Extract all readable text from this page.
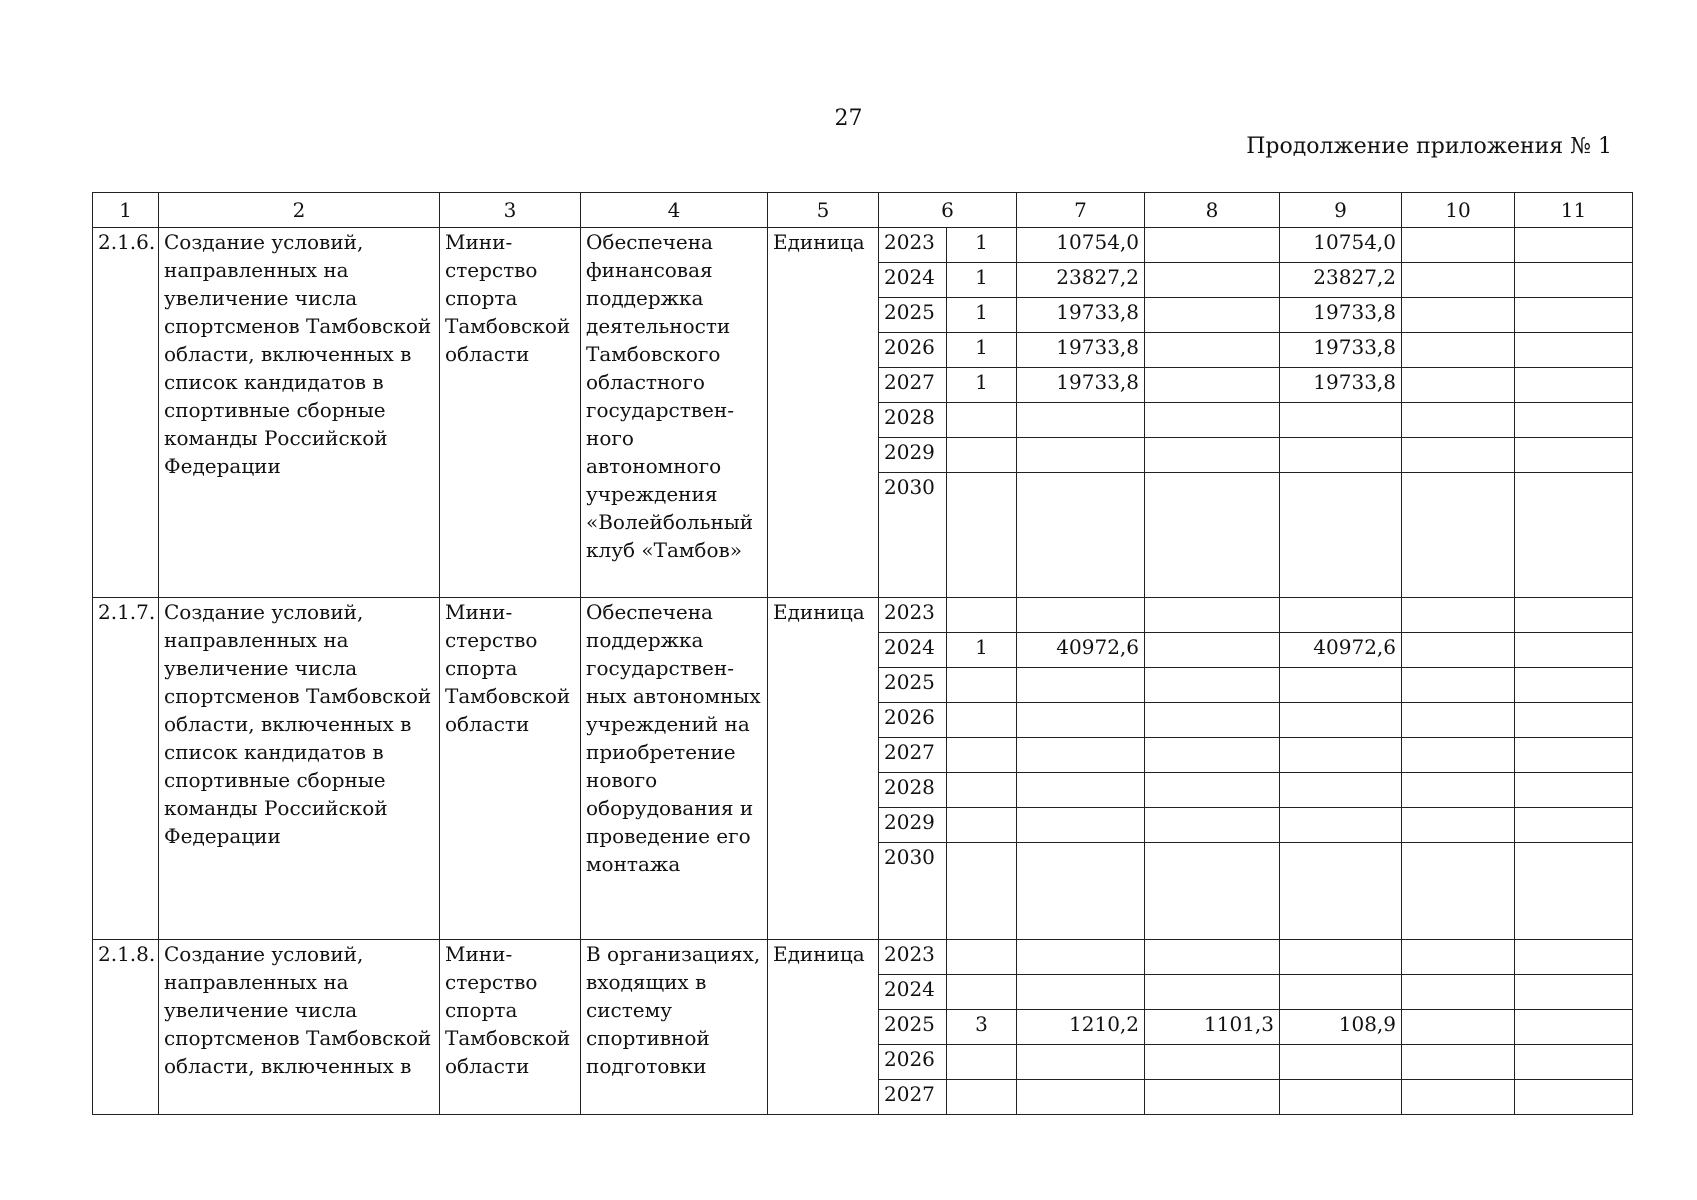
27
Продолжение приложения № 1
1	2	3	4	5	6		7	8	9	10	11
2.1.6.	Создание условий, направленных на увеличение числа спортсменов Тамбовской области, включенных в список кандидатов в спортивные сборные команды Российской Федерации	Мини-стерство спорта Тамбовской области	Обеспечена финансовая поддержка деятельности Тамбовского областного государствен-ного автономного учреждения «Волейбольный клуб «Тамбов»	Единица	2023	1	10754,0		10754,0		
					2024	1	23827,2		23827,2		
					2025	1	19733,8		19733,8		
					2026	1	19733,8		19733,8		
					2027	1	19733,8		19733,8		
					2028						
					2029						
					2030						
2.1.7.	Создание условий, направленных на увеличение числа спортсменов Тамбовской области, включенных в список кандидатов в спортивные сборные команды Российской Федерации	Мини-стерство спорта Тамбовской области	Обеспечена поддержка государствен-ных автономных учреждений на приобретение нового оборудования и проведение его монтажа	Единица	2023						
					2024	1	40972,6		40972,6		
					2025						
					2026						
					2027						
					2028						
					2029						
					2030						
2.1.8.	Создание условий, направленных на увеличение числа спортсменов Тамбовской области, включенных в	Мини-стерство спорта Тамбовской области	В организациях, входящих в систему спортивной подготовки	Единица	2023						
					2024						
					2025	3	1210,2	1101,3	108,9		
					2026						
					2027						
